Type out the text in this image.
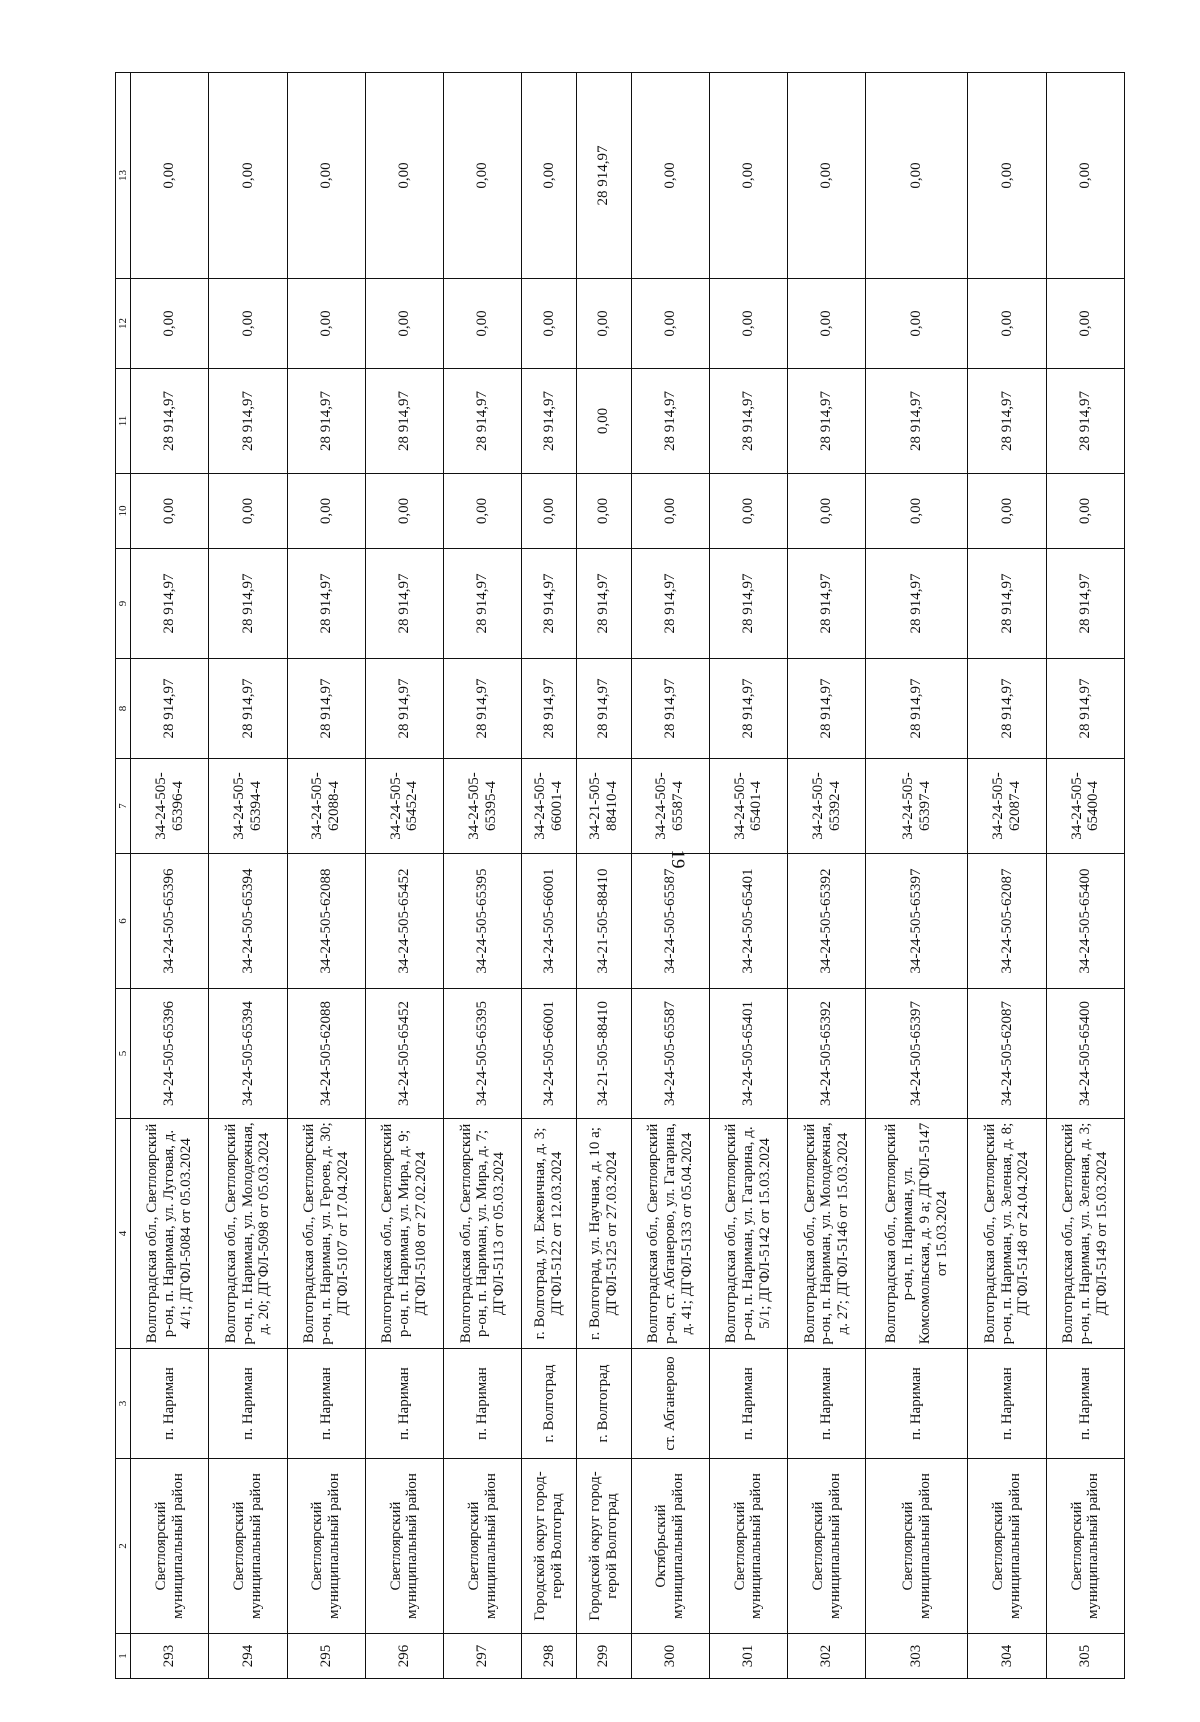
19
1	2	3	4	5	6	7	8	9	10	11	12	13
293	Светлоярский муниципальный район	п. Нариман	Волгоградская обл., Светлоярский р-он, п. Нариман, ул. Луговая, д. 4/1; ДГФЛ-5084 от 05.03.2024	34-24-505-65396	34-24-505-65396	34-24-505-65396-4	28 914,97	28 914,97	0,00	28 914,97	0,00	0,00
294	Светлоярский муниципальный район	п. Нариман	Волгоградская обл., Светлоярский р-он, п. Нариман, ул. Молодежная, д. 20; ДГФЛ-5098 от 05.03.2024	34-24-505-65394	34-24-505-65394	34-24-505-65394-4	28 914,97	28 914,97	0,00	28 914,97	0,00	0,00
295	Светлоярский муниципальный район	п. Нариман	Волгоградская обл., Светлоярский р-он, п. Нариман, ул. Героев, д. 30; ДГФЛ-5107 от 17.04.2024	34-24-505-62088	34-24-505-62088	34-24-505-62088-4	28 914,97	28 914,97	0,00	28 914,97	0,00	0,00
296	Светлоярский муниципальный район	п. Нариман	Волгоградская обл., Светлоярский р-он, п. Нариман, ул. Мира, д. 9; ДГФЛ-5108 от 27.02.2024	34-24-505-65452	34-24-505-65452	34-24-505-65452-4	28 914,97	28 914,97	0,00	28 914,97	0,00	0,00
297	Светлоярский муниципальный район	п. Нариман	Волгоградская обл., Светлоярский р-он, п. Нариман, ул. Мира, д. 7; ДГФЛ-5113 от 05.03.2024	34-24-505-65395	34-24-505-65395	34-24-505-65395-4	28 914,97	28 914,97	0,00	28 914,97	0,00	0,00
298	Городской округ город-герой Волгоград	г. Волгоград	г. Волгоград, ул. Ежевичная, д. 3; ДГФЛ-5122 от 12.03.2024	34-24-505-66001	34-24-505-66001	34-24-505-66001-4	28 914,97	28 914,97	0,00	28 914,97	0,00	0,00
299	Городской округ город-герой Волгоград	г. Волгоград	г. Волгоград, ул. Научная, д. 10 а; ДГФЛ-5125 от 27.03.2024	34-21-505-88410	34-21-505-88410	34-21-505-88410-4	28 914,97	28 914,97	0,00	0,00	0,00	28 914,97
300	Октябрьский муниципальный район	ст. Абганерово	Волгоградская обл., Светлоярский р-он, ст. Абганерово, ул. Гагарина, д. 41; ДГФЛ-5133 от 05.04.2024	34-24-505-65587	34-24-505-65587	34-24-505-65587-4	28 914,97	28 914,97	0,00	28 914,97	0,00	0,00
301	Светлоярский муниципальный район	п. Нариман	Волгоградская обл., Светлоярский р-он, п. Нариман, ул. Гагарина, д. 5/1; ДГФЛ-5142 от 15.03.2024	34-24-505-65401	34-24-505-65401	34-24-505-65401-4	28 914,97	28 914,97	0,00	28 914,97	0,00	0,00
302	Светлоярский муниципальный район	п. Нариман	Волгоградская обл., Светлоярский р-он, п. Нариман, ул. Молодежная, д. 27; ДГФЛ-5146 от 15.03.2024	34-24-505-65392	34-24-505-65392	34-24-505-65392-4	28 914,97	28 914,97	0,00	28 914,97	0,00	0,00
303	Светлоярский муниципальный район	п. Нариман	Волгоградская обл., Светлоярский р-он, п. Нариман, ул. Комсомольская, д. 9 а; ДГФЛ-5147 от 15.03.2024	34-24-505-65397	34-24-505-65397	34-24-505-65397-4	28 914,97	28 914,97	0,00	28 914,97	0,00	0,00
304	Светлоярский муниципальный район	п. Нариман	Волгоградская обл., Светлоярский р-он, п. Нариман, ул. Зеленая, д. 8; ДГФЛ-5148 от 24.04.2024	34-24-505-62087	34-24-505-62087	34-24-505-62087-4	28 914,97	28 914,97	0,00	28 914,97	0,00	0,00
305	Светлоярский муниципальный район	п. Нариман	Волгоградская обл., Светлоярский р-он, п. Нариман, ул. Зеленая, д. 3; ДГФЛ-5149 от 15.03.2024	34-24-505-65400	34-24-505-65400	34-24-505-65400-4	28 914,97	28 914,97	0,00	28 914,97	0,00	0,00
